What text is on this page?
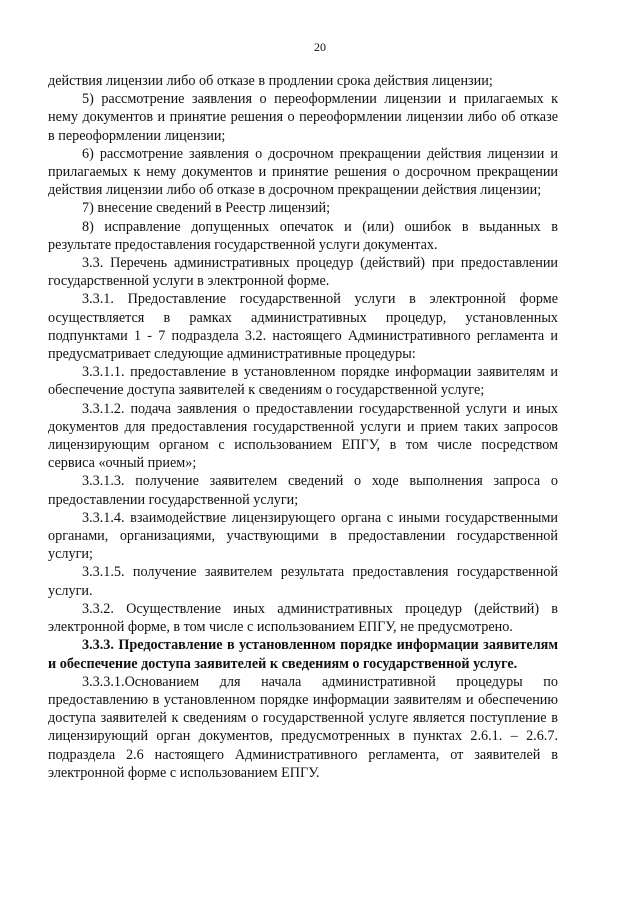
20

действия лицензии либо об отказе в продлении срока действия лицензии;

5) рассмотрение заявления о переоформлении лицензии и прилагаемых к нему документов и принятие решения о переоформлении лицензии либо об отказе в переоформлении лицензии;

6) рассмотрение заявления о досрочном прекращении действия лицензии и прилагаемых к нему документов и принятие решения о досрочном прекращении действия лицензии либо об отказе в досрочном прекращении действия лицензии;

7) внесение сведений в Реестр лицензий;

8) исправление допущенных опечаток и (или) ошибок в выданных в результате предоставления государственной услуги документах.

3.3. Перечень административных процедур (действий) при предоставлении государственной услуги в электронной форме.

3.3.1. Предоставление государственной услуги в электронной форме осуществляется в рамках административных процедур, установленных подпунктами 1 - 7 подраздела 3.2. настоящего Административного регламента и предусматривает следующие административные процедуры:

3.3.1.1. предоставление в установленном порядке информации заявителям и обеспечение доступа заявителей к сведениям о государственной услуге;

3.3.1.2. подача заявления о предоставлении государственной услуги и иных документов для предоставления государственной услуги и прием таких запросов лицензирующим органом с использованием ЕПГУ, в том числе посредством сервиса «очный прием»;

3.3.1.3. получение заявителем сведений о ходе выполнения запроса о предоставлении государственной услуги;

3.3.1.4. взаимодействие лицензирующего органа с иными государственными органами, организациями, участвующими в предоставлении государственной услуги;

3.3.1.5. получение заявителем результата предоставления государственной услуги.

3.3.2. Осуществление иных административных процедур (действий) в электронной форме, в том числе с использованием ЕПГУ, не предусмотрено.

3.3.3. Предоставление в установленном порядке информации заявителям и обеспечение доступа заявителей к сведениям о государственной услуге.

3.3.3.1.Основанием для начала административной процедуры по предоставлению в установленном порядке информации заявителям и обеспечению доступа заявителей к сведениям о государственной услуге является поступление в лицензирующий орган документов, предусмотренных в пунктах 2.6.1. – 2.6.7. подраздела 2.6 настоящего Административного регламента, от заявителей в электронной форме с использованием ЕПГУ.
